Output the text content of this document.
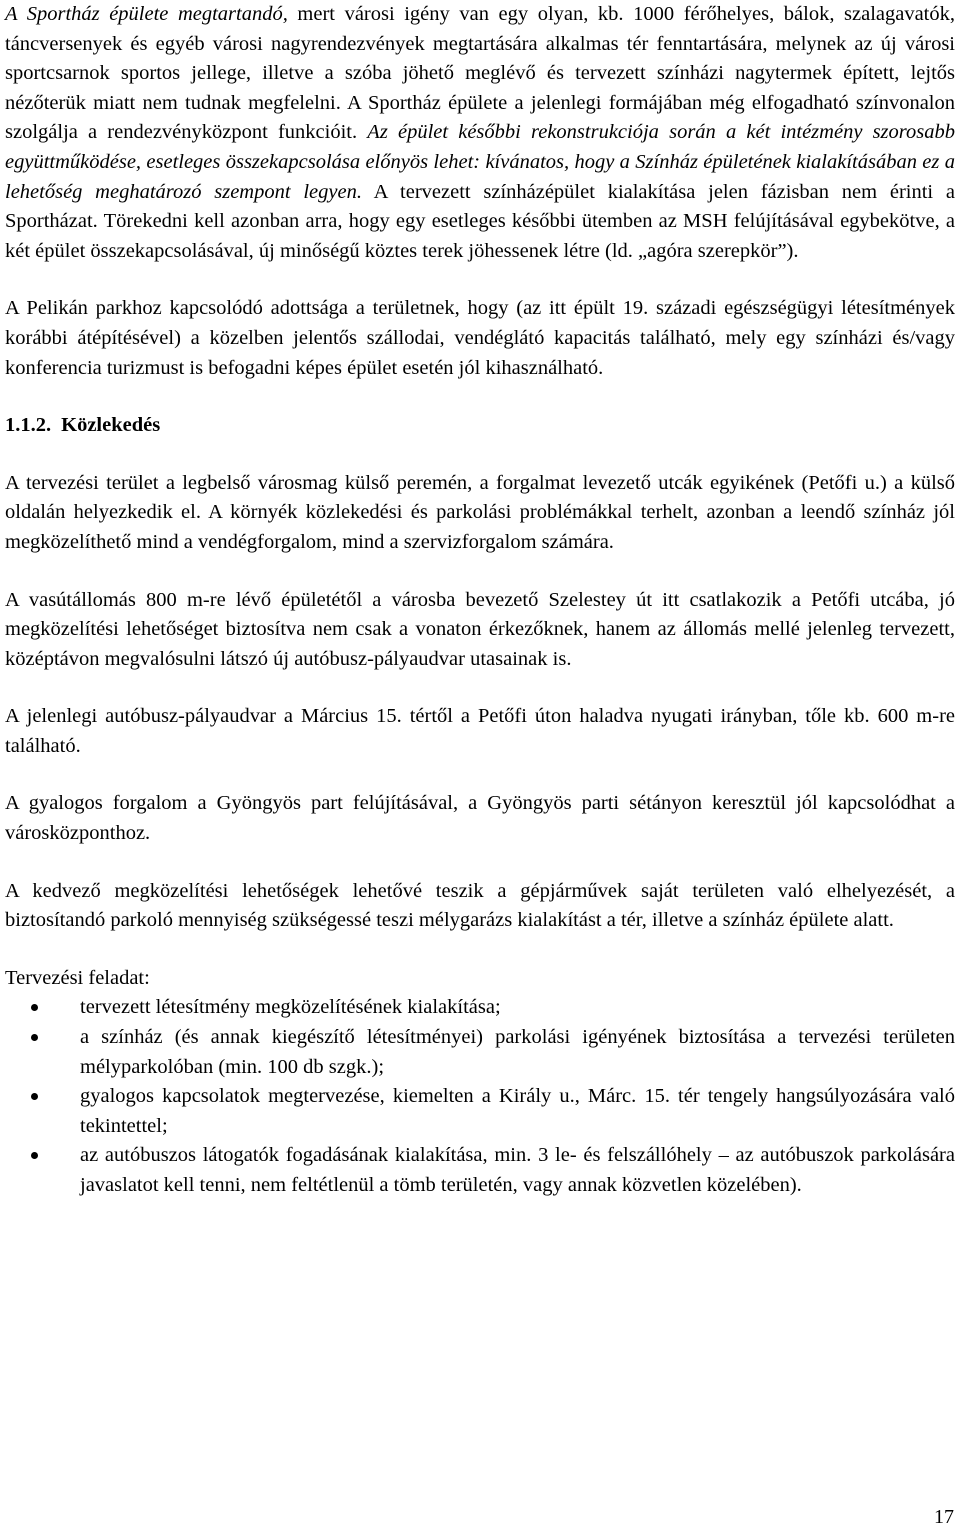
A Sportház épülete megtartandó, mert városi igény van egy olyan, kb. 1000 férőhelyes, bálok, szalagavatók, táncversenyek és egyéb városi nagyrendezvények megtartására alkalmas tér fenntartására, melynek az új városi sportcsarnok sportos jellege, illetve a szóba jöhető meglévő és tervezett színházi nagytermek épített, lejtős nézőterük miatt nem tudnak megfelelni. A Sportház épülete a jelenlegi formájában még elfogadható színvonalon szolgálja a rendezvényközpont funkcióit. Az épület későbbi rekonstrukciója során a két intézmény szorosabb együttműködése, esetleges összekapcsolása előnyös lehet: kívánatos, hogy a Színház épületének kialakításában ez a lehetőség meghatározó szempont legyen. A tervezett színházépület kialakítása jelen fázisban nem érinti a Sportházat. Törekedni kell azonban arra, hogy egy esetleges későbbi ütemben az MSH felújításával egybekötve, a két épület összekapcsolásával, új minőségű köztes terek jöhessenek létre (ld. „agóra szerepkör”).

A Pelikán parkhoz kapcsolódó adottsága a területnek, hogy (az itt épült 19. századi egészségügyi létesítmények korábbi átépítésével) a közelben jelentős szállodai, vendéglátó kapacitás található, mely egy színházi és/vagy konferencia turizmust is befogadni képes épület esetén jól kihasználható.

1.1.2. Közlekedés

A tervezési terület a legbelső városmag külső peremén, a forgalmat levezető utcák egyikének (Petőfi u.) a külső oldalán helyezkedik el. A környék közlekedési és parkolási problémákkal terhelt, azonban a leendő színház jól megközelíthető mind a vendégforgalom, mind a szervizforgalom számára.

A vasútállomás 800 m-re lévő épületétől a városba bevezető Szelestey út itt csatlakozik a Petőfi utcába, jó megközelítési lehetőséget biztosítva nem csak a vonaton érkezőknek, hanem az állomás mellé jelenleg tervezett, középtávon megvalósulni látszó új autóbusz-pályaudvar utasainak is.

A jelenlegi autóbusz-pályaudvar a Március 15. tértől a Petőfi úton haladva nyugati irányban, tőle kb. 600 m-re található.

A gyalogos forgalom a Gyöngyös part felújításával, a Gyöngyös parti sétányon keresztül jól kapcsolódhat a városközponthoz.

A kedvező megközelítési lehetőségek lehetővé teszik a gépjárművek saját területen való elhelyezését, a biztosítandó parkoló mennyiség szükségessé teszi mélygarázs kialakítást a tér, illetve a színház épülete alatt.

Tervezési feladat:

tervezett létesítmény megközelítésének kialakítása;
a színház (és annak kiegészítő létesítményei) parkolási igényének biztosítása a tervezési területen mélyparkolóban (min. 100 db szgk.);
gyalogos kapcsolatok megtervezése, kiemelten a Király u., Márc. 15. tér tengely hangsúlyozására való tekintettel;
az autóbuszos látogatók fogadásának kialakítása, min. 3 le- és felszállóhely – az autóbuszok parkolására javaslatot kell tenni, nem feltétlenül a tömb területén, vagy annak közvetlen közelében).
17
